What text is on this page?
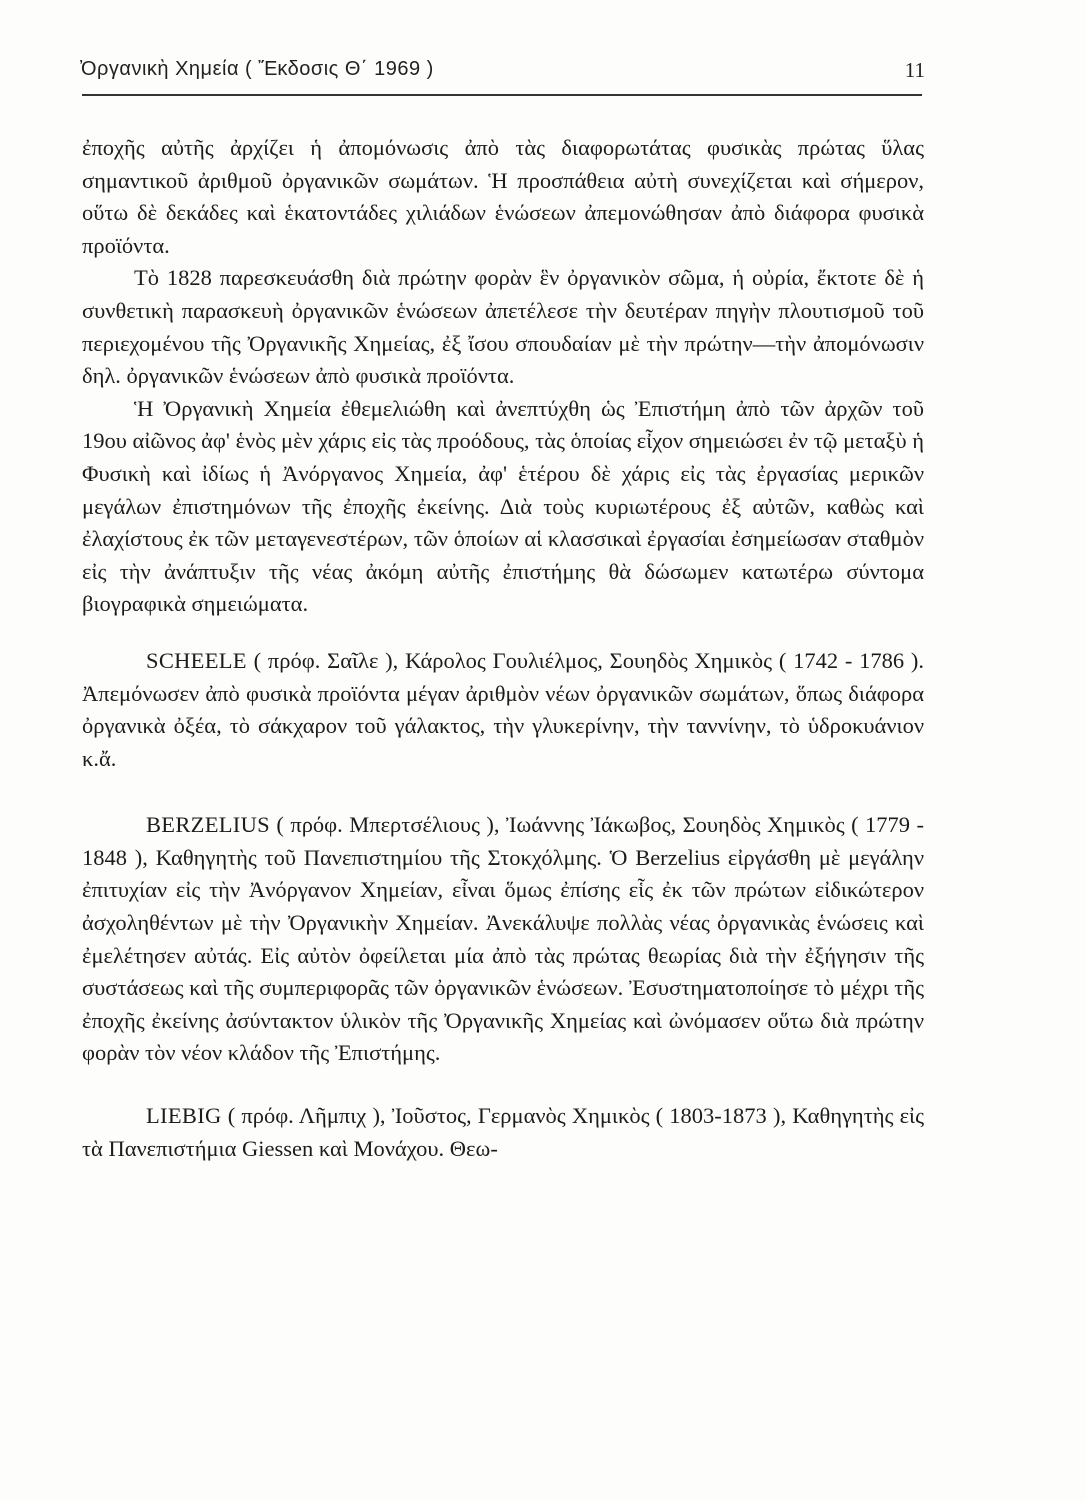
Ὀργανικὴ Χημεία ( Ἔκδοσις Θ΄ 1969 )	11

ἐποχῆς αὐτῆς ἀρχίζει ἡ ἀπομόνωσις ἀπὸ τὰς διαφορωτάτας φυσικὰς πρώτας ὕλας σημαντικοῦ ἀριθμοῦ ὀργανικῶν σωμάτων. Ἡ προσπάθεια αὐτὴ συνεχίζεται καὶ σήμερον, οὕτω δὲ δεκάδες καὶ ἑκατοντάδες χιλιάδων ἑνώσεων ἀπεμονώθησαν ἀπὸ διάφορα φυσικὰ προϊόντα.

Τὸ 1828 παρεσκευάσθη διὰ πρώτην φορὰν ἓν ὀργανικὸν σῶμα, ἡ οὐρία, ἔκτοτε δὲ ἡ συνθετικὴ παρασκευὴ ὀργανικῶν ἑνώσεων ἀπετέλεσε τὴν δευτέραν πηγὴν πλουτισμοῦ τοῦ περιεχομένου τῆς Ὀργανικῆς Χημείας, ἐξ ἴσου σπουδαίαν μὲ τὴν πρώτην—τὴν ἀπομόνωσιν δηλ. ὀργανικῶν ἑνώσεων ἀπὸ φυσικὰ προϊόντα.

Ἡ Ὀργανικὴ Χημεία ἐθεμελιώθη καὶ ἀνεπτύχθη ὡς Ἐπιστήμη ἀπὸ τῶν ἀρχῶν τοῦ 19ου αἰῶνος ἀφ' ἑνὸς μὲν χάρις εἰς τὰς προόδους, τὰς ὁποίας εἶχον σημειώσει ἐν τῷ μεταξὺ ἡ Φυσικὴ καὶ ἰδίως ἡ Ἀνόργανος Χημεία, ἀφ' ἑτέρου δὲ χάρις εἰς τὰς ἐργασίας μερικῶν μεγάλων ἐπιστημόνων τῆς ἐποχῆς ἐκείνης. Διὰ τοὺς κυριωτέρους ἐξ αὐτῶν, καθὼς καὶ ἐλαχίστους ἐκ τῶν μεταγενεστέρων, τῶν ὁποίων αἱ κλασσικαὶ ἐργασίαι ἐσημείωσαν σταθμὸν εἰς τὴν ἀνάπτυξιν τῆς νέας ἀκόμη αὐτῆς ἐπιστήμης θὰ δώσωμεν κατωτέρω σύντομα βιογραφικὰ σημειώματα.

SCHEELE ( πρόφ. Σαῖλε ), Κάρολος Γουλιέλμος, Σουηδὸς Χημικὸς ( 1742 - 1786 ). Ἀπεμόνωσεν ἀπὸ φυσικὰ προϊόντα μέγαν ἀριθμὸν νέων ὀργανικῶν σωμάτων, ὅπως διάφορα ὀργανικὰ ὀξέα, τὸ σάκχαρον τοῦ γάλακτος, τὴν γλυκερίνην, τὴν ταννίνην, τὸ ὑδροκυάνιον κ.ἄ.

BERZELIUS ( πρόφ. Μπερτσέλιους ), Ἰωάννης Ἰάκωβος, Σουηδὸς Χημικὸς ( 1779 - 1848 ), Καθηγητὴς τοῦ Πανεπιστημίου τῆς Στοκχόλμης. Ὁ Berzelius εἰργάσθη μὲ μεγάλην ἐπιτυχίαν εἰς τὴν Ἀνόργανον Χημείαν, εἶναι ὅμως ἐπίσης εἷς ἐκ τῶν πρώτων εἰδικώτερον ἀσχοληθέντων μὲ τὴν Ὀργανικὴν Χημείαν. Ἀνεκάλυψε πολλὰς νέας ὀργανικὰς ἑνώσεις καὶ ἐμελέτησεν αὐτάς. Εἰς αὐτὸν ὀφείλεται μία ἀπὸ τὰς πρώτας θεωρίας διὰ τὴν ἐξήγησιν τῆς συστάσεως καὶ τῆς συμπεριφορᾶς τῶν ὀργανικῶν ἑνώσεων. Ἐσυστηματοποίησε τὸ μέχρι τῆς ἐποχῆς ἐκείνης ἀσύντακτον ὑλικὸν τῆς Ὀργανικῆς Χημείας καὶ ὠνόμασεν οὕτω διὰ πρώτην φορὰν τὸν νέον κλάδον τῆς Ἐπιστήμης.

LIEBIG ( πρόφ. Λῆμπιχ ), Ἰοῦστος, Γερμανὸς Χημικὸς ( 1803-1873 ), Καθηγητὴς εἰς τὰ Πανεπιστήμια Giessen καὶ Μονάχου. Θεω-
